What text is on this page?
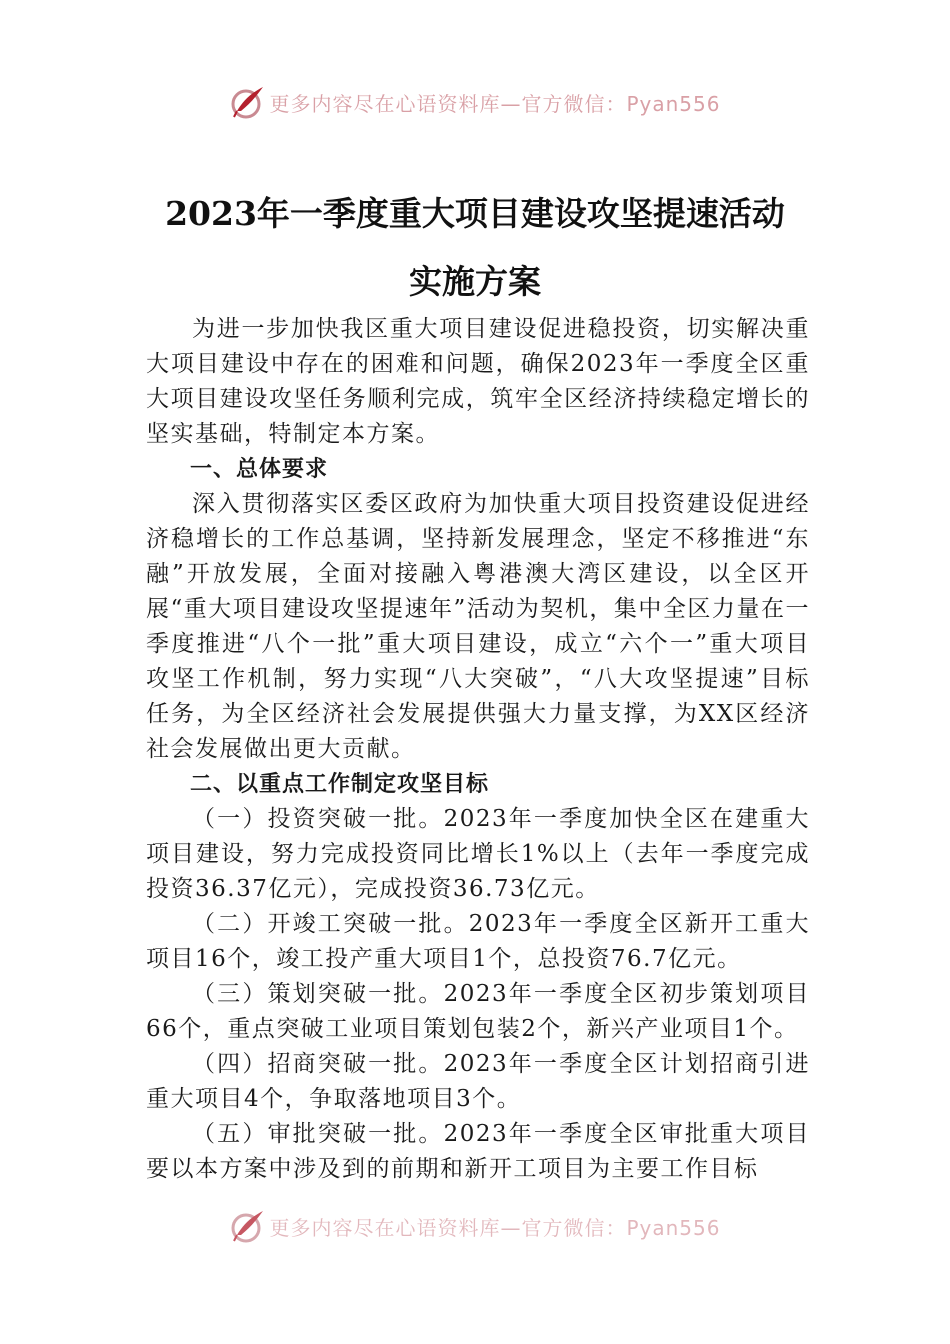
更多内容尽在心语资料库—官方微信：Pyan556
2023年一季度重大项目建设攻坚提速活动
实施方案

为进一步加快我区重大项目建设促进稳投资，切实解决重大项目建设中存在的困难和问题，确保2023年一季度全区重大项目建设攻坚任务顺利完成，筑牢全区经济持续稳定增长的坚实基础，特制定本方案。

一、总体要求

深入贯彻落实区委区政府为加快重大项目投资建设促进经济稳增长的工作总基调，坚持新发展理念，坚定不移推进“东融”开放发展，全面对接融入粤港澳大湾区建设，以全区开展“重大项目建设攻坚提速年”活动为契机，集中全区力量在一季度推进“八个一批”重大项目建设，成立“六个一”重大项目攻坚工作机制，努力实现“八大突破”，“八大攻坚提速”目标任务，为全区经济社会发展提供强大力量支撑，为XX区经济社会发展做出更大贡献。

二、以重点工作制定攻坚目标

（一）投资突破一批。2023年一季度加快全区在建重大项目建设，努力完成投资同比增长1%以上（去年一季度完成投资36.37亿元），完成投资36.73亿元。

（二）开竣工突破一批。2023年一季度全区新开工重大项目16个，竣工投产重大项目1个，总投资76.7亿元。

（三）策划突破一批。2023年一季度全区初步策划项目66个，重点突破工业项目策划包装2个，新兴产业项目1个。

（四）招商突破一批。2023年一季度全区计划招商引进重大项目4个，争取落地项目3个。

（五）审批突破一批。2023年一季度全区审批重大项目要以本方案中涉及到的前期和新开工项目为主要工作目标

更多内容尽在心语资料库—官方微信：Pyan556
